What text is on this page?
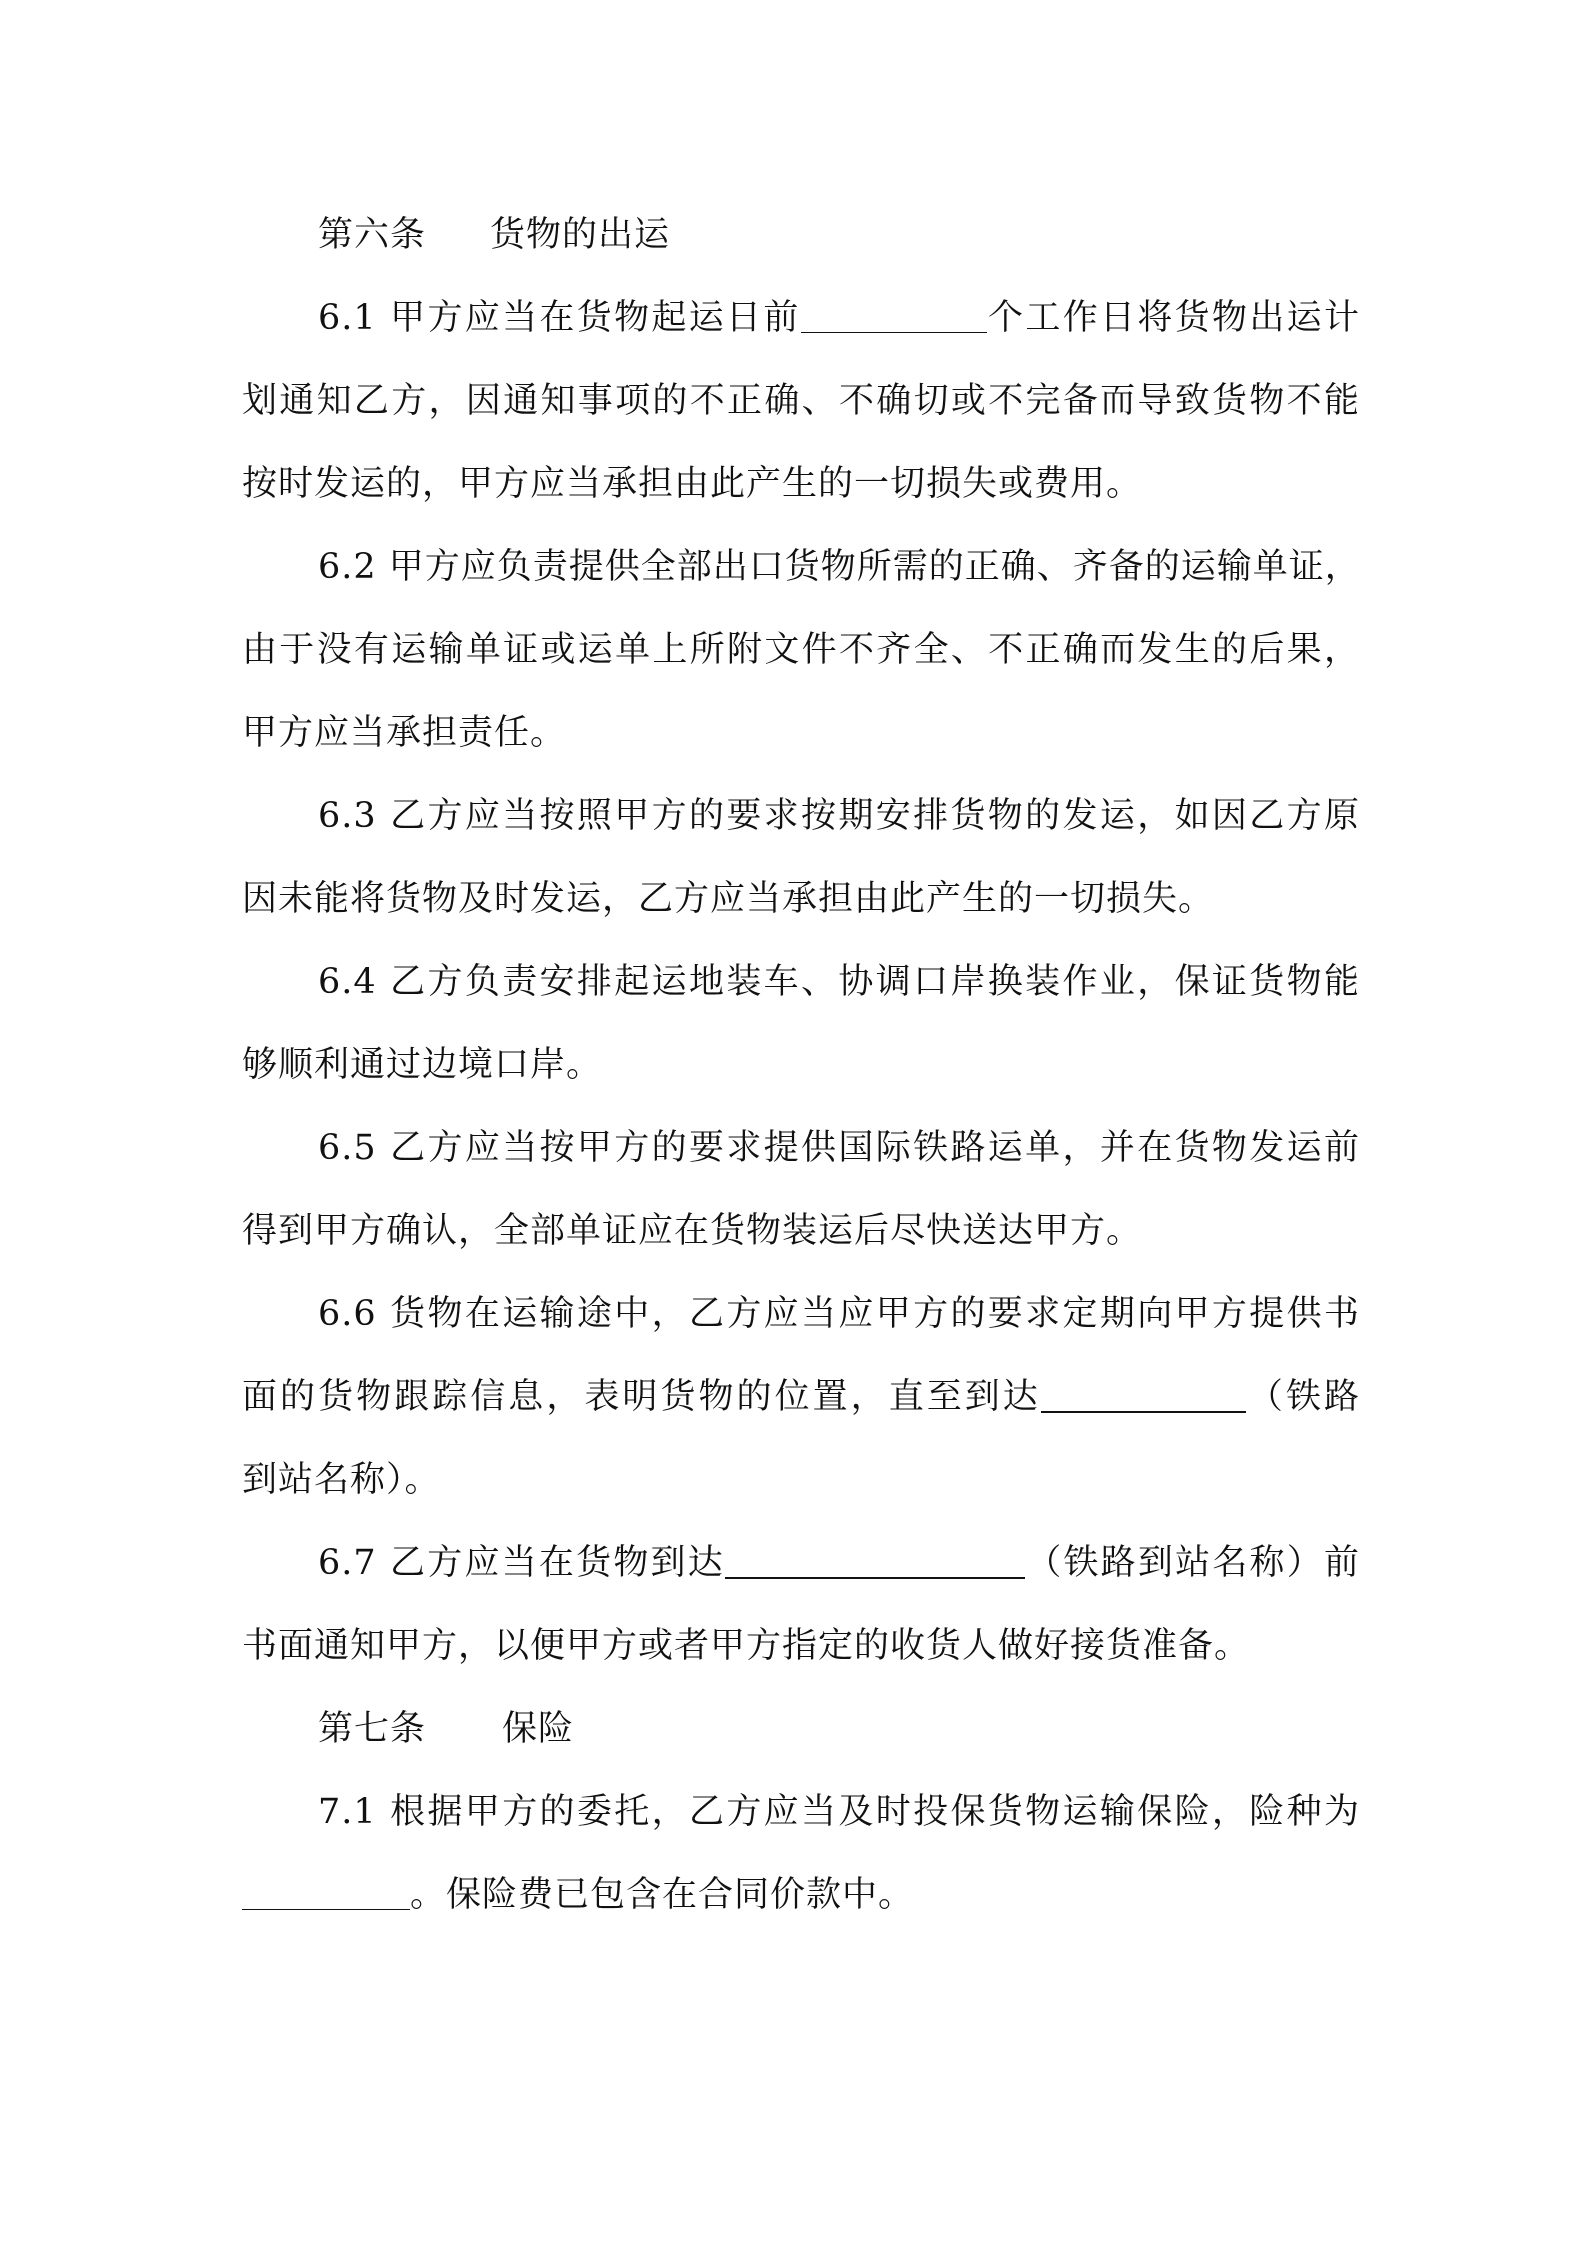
第六条 货物的出运
6.1 甲方应当在货物起运日前	个工作日将货物出运计
划通知乙方，因通知事项的不正确、不确切或不完备而导致货物不能
按时发运的，甲方应当承担由此产生的一切损失或费用。
6.2 甲方应负责提供全部出口货物所需的正确、齐备的运输单证，
由于没有运输单证或运单上所附文件不齐全、不正确而发生的后果，
甲方应当承担责任。
6.3 乙方应当按照甲方的要求按期安排货物的发运，如因乙方原
因未能将货物及时发运，乙方应当承担由此产生的一切损失。
6.4 乙方负责安排起运地装车、协调口岸换装作业，保证货物能
够顺利通过边境口岸。
6.5 乙方应当按甲方的要求提供国际铁路运单，并在货物发运前
得到甲方确认，全部单证应在货物装运后尽快送达甲方。
6.6 货物在运输途中，乙方应当应甲方的要求定期向甲方提供书
面的货物跟踪信息，表明货物的位置，直至到达	（铁路
到站名称）。
6.7 乙方应当在货物到达	（铁路到站名称）前
书面通知甲方，以便甲方或者甲方指定的收货人做好接货准备。
第七条 保险
7.1 根据甲方的委托，乙方应当及时投保货物运输保险，险种为
。保险费已包含在合同价款中。
